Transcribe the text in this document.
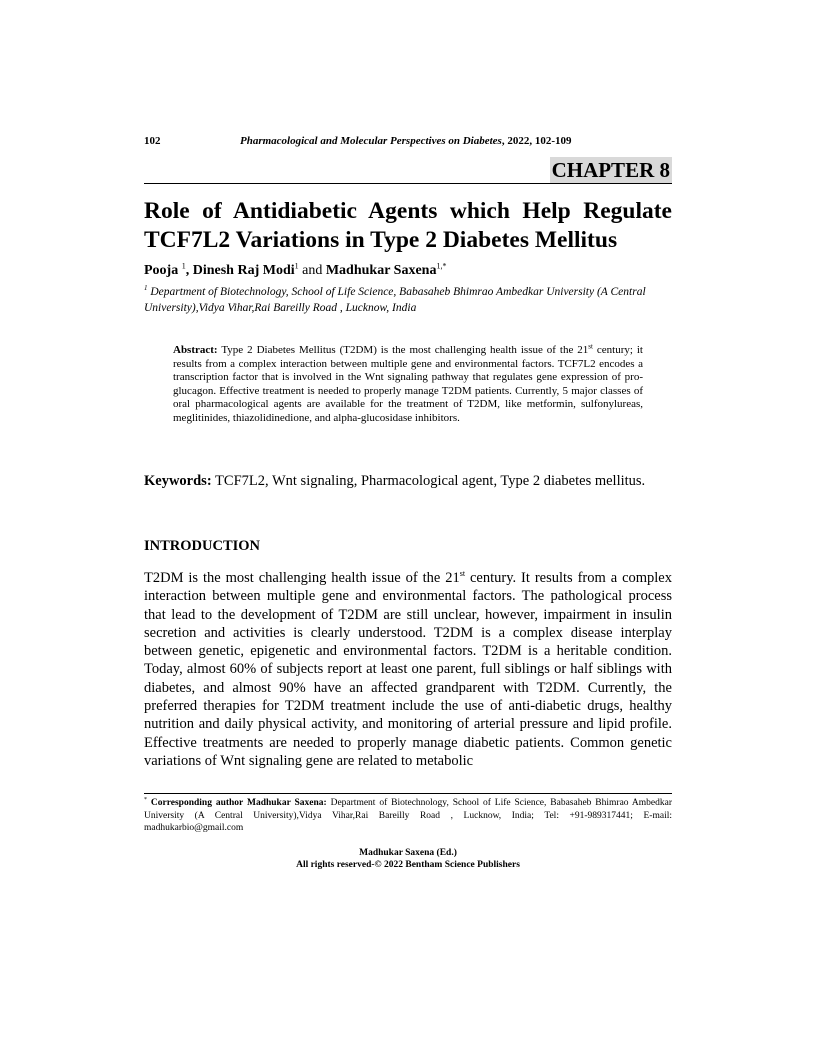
102	Pharmacological and Molecular Perspectives on Diabetes, 2022, 102-109
CHAPTER 8
Role of Antidiabetic Agents which Help Regulate TCF7L2 Variations in Type 2 Diabetes Mellitus
Pooja $^1$, Dinesh Raj Modi$^1$ and Madhukar Saxena$^{1,*}$
$^1$ Department of Biotechnology, School of Life Science, Babasaheb Bhimrao Ambedkar University (A Central University),Vidya Vihar,Rai Bareilly Road , Lucknow, India
Abstract: Type 2 Diabetes Mellitus (T2DM) is the most challenging health issue of the 21st century; it results from a complex interaction between multiple gene and environmental factors. TCF7L2 encodes a transcription factor that is involved in the Wnt signaling pathway that regulates gene expression of pro-glucagon. Effective treatment is needed to properly manage T2DM patients. Currently, 5 major classes of oral pharmacological agents are available for the treatment of T2DM, like metformin, sulfonylureas, meglitinides, thiazolidinedione, and alpha-glucosidase inhibitors.
Keywords: TCF7L2, Wnt signaling, Pharmacological agent, Type 2 diabetes mellitus.
INTRODUCTION
T2DM is the most challenging health issue of the 21st century. It results from a complex interaction between multiple gene and environmental factors. The pathological process that lead to the development of T2DM are still unclear, however, impairment in insulin secretion and activities is clearly understood. T2DM is a complex disease interplay between genetic, epigenetic and environmental factors. T2DM is a heritable condition. Today, almost 60% of subjects report at least one parent, full siblings or half siblings with diabetes, and almost 90% have an affected grandparent with T2DM. Currently, the preferred therapies for T2DM treatment include the use of anti-diabetic drugs, healthy nutrition and daily physical activity, and monitoring of arterial pressure and lipid profile. Effective treatments are needed to properly manage diabetic patients. Common genetic variations of Wnt signaling gene are related to metabolic
* Corresponding author Madhukar Saxena: Department of Biotechnology, School of Life Science, Babasaheb Bhimrao Ambedkar University (A Central University),Vidya Vihar,Rai Bareilly Road , Lucknow, India; Tel: +91-989317441; E-mail: madhukarbio@gmail.com
Madhukar Saxena (Ed.)
All rights reserved-© 2022 Bentham Science Publishers
